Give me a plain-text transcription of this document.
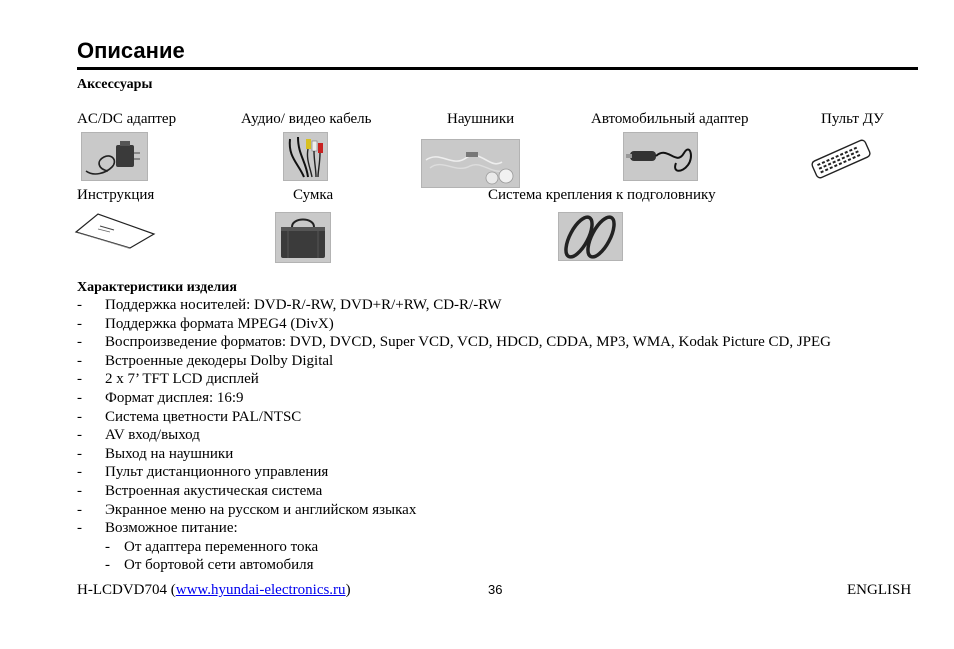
Описание
Аксессуары
AC/DC адаптер	Аудио/ видео кабель	Наушники	Автомобильный адаптер	Пульт ДУ
Инструкция	Сумка	Система крепления к подголовнику
Характеристики изделия
- Поддержка носителей: DVD-R/-RW, DVD+R/+RW, CD-R/-RW
- Поддержка формата MPEG4 (DivX)
- Воспроизведение форматов: DVD, DVCD, Super VCD, VCD, HDCD, CDDA, MP3, WMA, Kodak Picture CD, JPEG
- Встроенные декодеры Dolby Digital
- 2 x 7’ TFT LCD дисплей
- Формат дисплея: 16:9
- Система цветности PAL/NTSC
- AV вход/выход
- Выход на наушники
- Пульт дистанционного управления
- Встроенная акустическая система
- Экранное меню на русском и английском языках
- Возможное питание:
- От адаптера переменного тока
- От бортовой сети автомобиля
H-LCDVD704 (www.hyundai-electronics.ru)	36	ENGLISH
